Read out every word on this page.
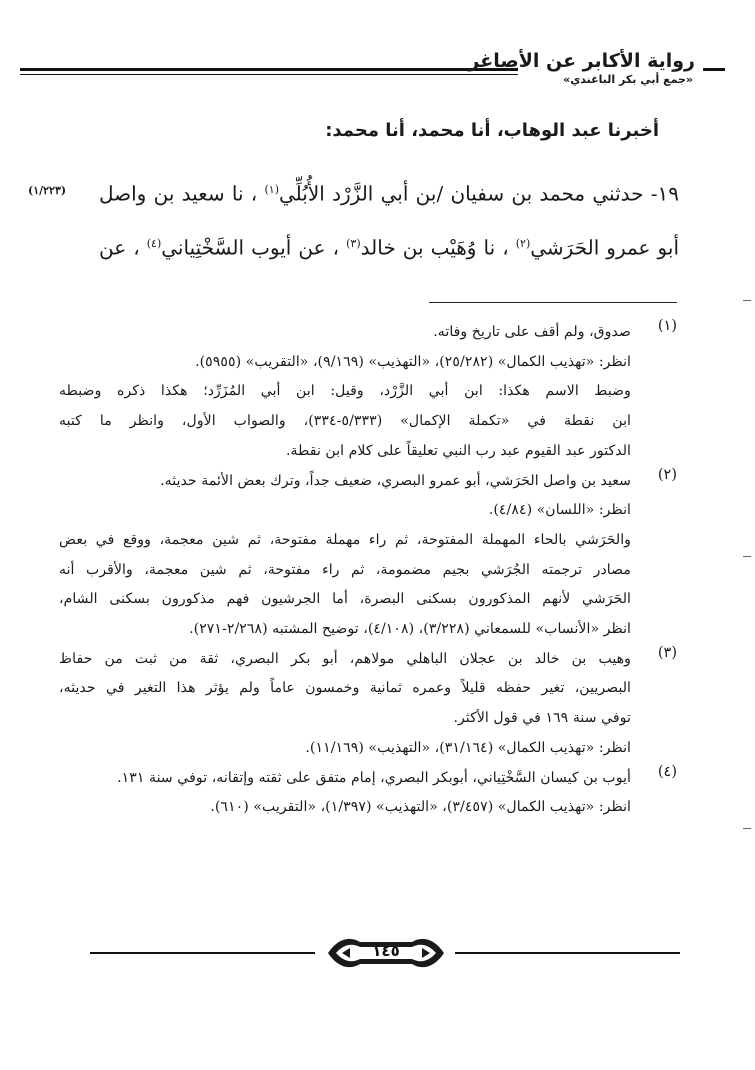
رواية الأكابر عن الأصاغر
«جمع أبي بكر الباغندي»
أخبرنا عبد الوهاب، أنا محمد، أنا محمد:
(١/٢٢٣)	١٩- حدثني محمد بن سفيان /بن أبي الزَّرْد الأُبُلِّي$^{(١)}$ ، نا سعيد بن واصل

أبو عمرو الحَرَشي$^{(٢)}$ ، نا وُهَيْب بن خالد$^{(٣)}$ ، عن أيوب السَّخْتِياني$^{(٤)}$ ، عن

(١)
صدوق، ولم أقف على تاريخ وفاته.
انظر: «تهذيب الكمال» (٢٥/٢٨٢)، «التهذيب» (٩/١٦٩)، «التقريب» (٥٩٥٥).
وضبط الاسم هكذا: ابن أبي الزَّرْد، وقيل: ابن أبي المُزَرِّد؛ هكذا ذكره وضبطه
ابن نقطة في «تكملة الإكمال» (٥/٣٣٣-٣٣٤)، والصواب الأول، وانظر ما كتبه
الدكتور عبد القيوم عبد رب النبي تعليقاً على كلام ابن نقطة.
(٢)
سعيد بن واصل الحَرَشي، أبو عمرو البصري، ضعيف جداً، وترك بعض الأئمة حديثه.
انظر: «اللسان» (٤/٨٤).
والحَرَشي بالحاء المهملة المفتوحة، ثم راء مهملة مفتوحة، ثم شين معجمة، ووقع في بعض
مصادر ترجمته الجُرَشي بجيم مضمومة، ثم راء مفتوحة، ثم شين معجمة، والأقرب أنه
الحَرَشي لأنهم المذكورون بسكنى البصرة، أما الجرشيون فهم مذكورون بسكنى الشام،
انظر «الأنساب» للسمعاني (٣/٢٢٨)، (٤/١٠٨)، توضيح المشتبه (٢/٢٦٨-٢٧١).
(٣)
وهيب بن خالد بن عجلان الباهلي مولاهم، أبو بكر البصري، ثقة من ثبت من حفاظ
البصريين، تغير حفظه قليلاً وعمره ثمانية وخمسون عاماً ولم يؤثر هذا التغير في حديثه،
توفي سنة ١٦٩ في قول الأكثر.
انظر: «تهذيب الكمال» (٣١/١٦٤)، «التهذيب» (١١/١٦٩).
(٤)
أيوب بن كيسان السَّخْتِياني، أبوبكر البصري، إمام متفق على ثقته وإتقانه، توفي سنة ١٣١.
انظر: «تهذيب الكمال» (٣/٤٥٧)، «التهذيب» (١/٣٩٧)، «التقريب» (٦١٠).
١٤٥
